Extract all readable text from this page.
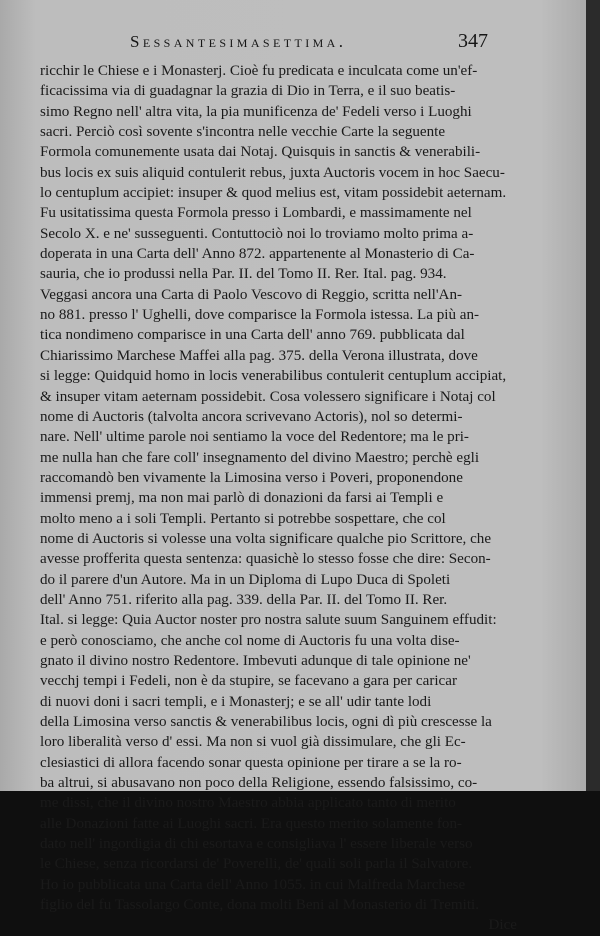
Sessantesimasettima.	347
ricchir le Chiese e i Monasterj. Cioè fu predicata e inculcata come un'ef-
ficacissima via di guadagnar la grazia di Dio in Terra, e il suo beatis-
simo Regno nell' altra vita, la pia munificenza de' Fedeli verso i Luoghi
sacri. Perciò così sovente s'incontra nelle vecchie Carte la seguente
Formola comunemente usata dai Notaj. Quisquis in sanctis & venerabili-
bus locis ex suis aliquid contulerit rebus, juxta Auctoris vocem in hoc Saecu-
lo centuplum accipiet: insuper & quod melius est, vitam possidebit aeternam.
Fu usitatissima questa Formola presso i Lombardi, e massimamente nel
Secolo X. e ne' susseguenti. Contuttociò noi lo troviamo molto prima a-
doperata in una Carta dell' Anno 872. appartenente al Monasterio di Ca-
sauria, che io produssi nella Par. II. del Tomo II. Rer. Ital. pag. 934.
Veggasi ancora una Carta di Paolo Vescovo di Reggio, scritta nell'An-
no 881. presso l' Ughelli, dove comparisce la Formola istessa. La più an-
tica nondimeno comparisce in una Carta dell' anno 769. pubblicata dal
Chiarissimo Marchese Maffei alla pag. 375. della Verona illustrata, dove
si legge: Quidquid homo in locis venerabilibus contulerit centuplum accipiat,
& insuper vitam aeternam possidebit. Cosa volessero significare i Notaj col
nome di Auctoris (talvolta ancora scrivevano Actoris), nol so determi-
nare. Nell' ultime parole noi sentiamo la voce del Redentore; ma le pri-
me nulla han che fare coll' insegnamento del divino Maestro; perchè egli
raccomandò ben vivamente la Limosina verso i Poveri, proponendone
immensi premj, ma non mai parlò di donazioni da farsi ai Templi e
molto meno a i soli Templi. Pertanto si potrebbe sospettare, che col
nome di Auctoris si volesse una volta significare qualche pio Scrittore, che
avesse profferita questa sentenza: quasichè lo stesso fosse che dire: Secon-
do il parere d'un Autore. Ma in un Diploma di Lupo Duca di Spoleti
dell' Anno 751. riferito alla pag. 339. della Par. II. del Tomo II. Rer.
Ital. si legge: Quia Auctor noster pro nostra salute suum Sanguinem effudit:
e però conosciamo, che anche col nome di Auctoris fu una volta dise-
gnato il divino nostro Redentore. Imbevuti adunque di tale opinione ne'
vecchj tempi i Fedeli, non è da stupire, se facevano a gara per caricar
di nuovi doni i sacri templi, e i Monasterj; e se all' udir tante lodi
della Limosina verso sanctis & venerabilibus locis, ogni dì più crescesse la
loro liberalità verso d' essi. Ma non si vuol già dissimulare, che gli Ec-
clesiastici di allora facendo sonar questa opinione per tirare a se la ro-
ba altrui, si abusavano non poco della Religione, essendo falsissimo, co-
me dissi, che il divino nostro Maestro abbia applicato tanto di merito
alle Donazioni fatte ai Luoghi sacri. Era questo merito solamente fon-
dato nell' ingordigia di chi esortava e consigliava l' essere liberale verso
le Chiese, senza ricordarsi de' Poverelli, de' quali soli parla il Salvatore.
Ho io pubblicata una Carta dell' Anno 1055. in cui Malfreda Marchese
figlio del fu Tassolargo Conte, dona molti Beni al Monasterio di Tremiti.
Dice
